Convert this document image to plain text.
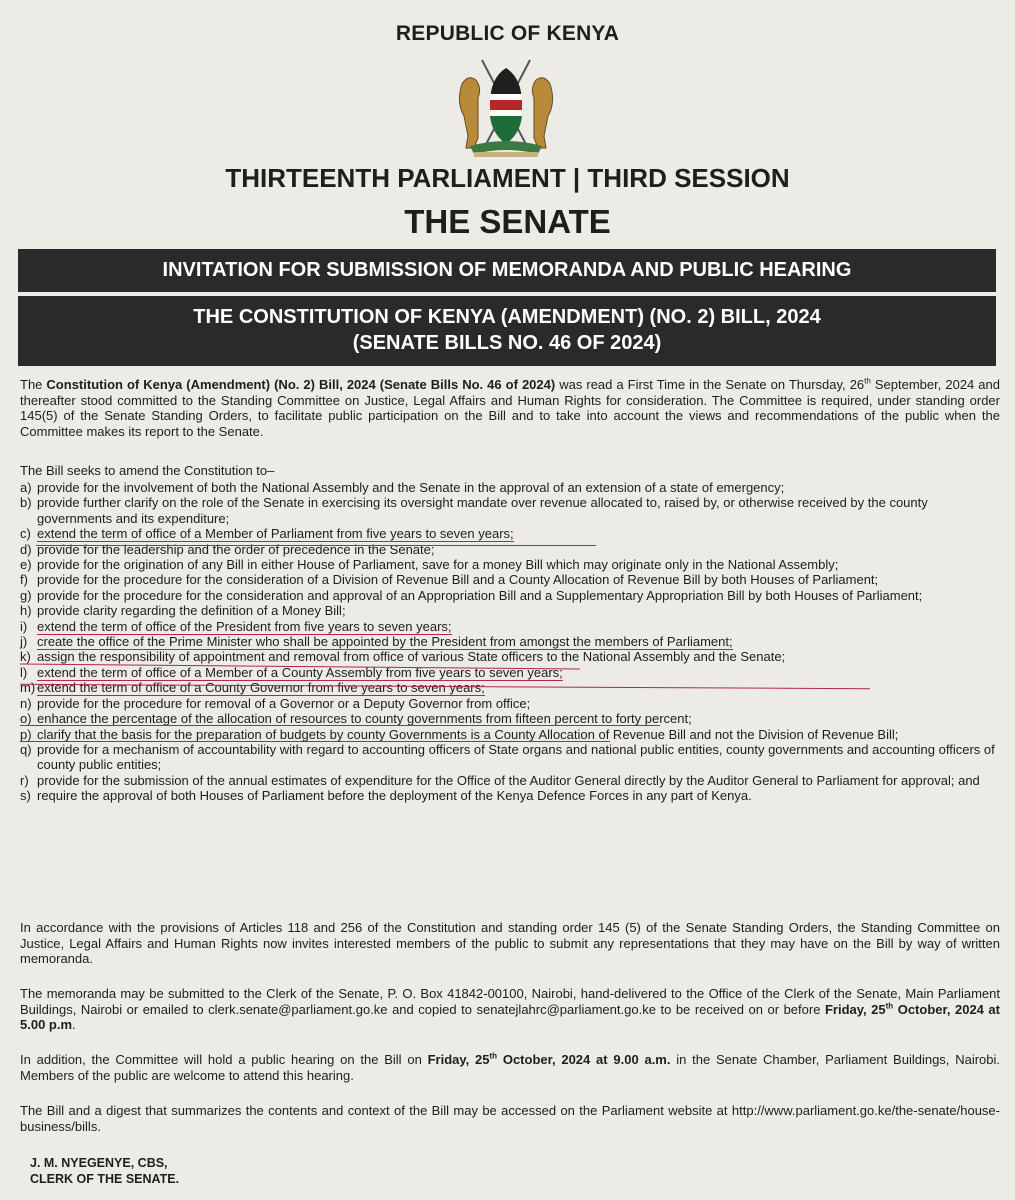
REPUBLIC OF KENYA
THIRTEENTH PARLIAMENT | THIRD SESSION
THE SENATE
INVITATION FOR SUBMISSION OF MEMORANDA AND PUBLIC HEARING
THE CONSTITUTION OF KENYA (AMENDMENT) (NO. 2) BILL, 2024
(SENATE BILLS NO. 46 OF 2024)
The Constitution of Kenya (Amendment) (No. 2) Bill, 2024 (Senate Bills No. 46 of 2024) was read a First Time in the Senate on Thursday, 26th September, 2024 and thereafter stood committed to the Standing Committee on Justice, Legal Affairs and Human Rights for consideration. The Committee is required, under standing order 145(5) of the Senate Standing Orders, to facilitate public participation on the Bill and to take into account the views and recommendations of the public when the Committee makes its report to the Senate.
The Bill seeks to amend the Constitution to–
a) provide for the involvement of both the National Assembly and the Senate in the approval of an extension of a state of emergency;
b) provide further clarify on the role of the Senate in exercising its oversight mandate over revenue allocated to, raised by, or otherwise received by the county governments and its expenditure;
c) extend the term of office of a Member of Parliament from five years to seven years;
d) provide for the leadership and the order of precedence in the Senate;
e) provide for the origination of any Bill in either House of Parliament, save for a money Bill which may originate only in the National Assembly;
f) provide for the procedure for the consideration of a Division of Revenue Bill and a County Allocation of Revenue Bill by both Houses of Parliament;
g) provide for the procedure for the consideration and approval of an Appropriation Bill and a Supplementary Appropriation Bill by both Houses of Parliament;
h) provide clarity regarding the definition of a Money Bill;
i) extend the term of office of the President from five years to seven years;
j) create the office of the Prime Minister who shall be appointed by the President from amongst the members of Parliament;
k) assign the responsibility of appointment and removal from office of various State officers to the National Assembly and the Senate;
l) extend the term of office of a Member of a County Assembly from five years to seven years;
m) extend the term of office of a County Governor from five years to seven years;
n) provide for the procedure for removal of a Governor or a Deputy Governor from office;
o) enhance the percentage of the allocation of resources to county governments from fifteen percent to forty percent;
p) clarify that the basis for the preparation of budgets by county Governments is a County Allocation of Revenue Bill and not the Division of Revenue Bill;
q) provide for a mechanism of accountability with regard to accounting officers of State organs and national public entities, county governments and accounting officers of county public entities;
r) provide for the submission of the annual estimates of expenditure for the Office of the Auditor General directly by the Auditor General to Parliament for approval; and
s) require the approval of both Houses of Parliament before the deployment of the Kenya Defence Forces in any part of Kenya.
In accordance with the provisions of Articles 118 and 256 of the Constitution and standing order 145 (5) of the Senate Standing Orders, the Standing Committee on Justice, Legal Affairs and Human Rights now invites interested members of the public to submit any representations that they may have on the Bill by way of written memoranda.
The memoranda may be submitted to the Clerk of the Senate, P. O. Box 41842-00100, Nairobi, hand-delivered to the Office of the Clerk of the Senate, Main Parliament Buildings, Nairobi or emailed to clerk.senate@parliament.go.ke and copied to senatejlahrc@parliament.go.ke to be received on or before Friday, 25th October, 2024 at 5.00 p.m.
In addition, the Committee will hold a public hearing on the Bill on Friday, 25th October, 2024 at 9.00 a.m. in the Senate Chamber, Parliament Buildings, Nairobi. Members of the public are welcome to attend this hearing.
The Bill and a digest that summarizes the contents and context of the Bill may be accessed on the Parliament website at http://www.parliament.go.ke/the-senate/house-business/bills.
J. M. NYEGENYE, CBS,
CLERK OF THE SENATE.
